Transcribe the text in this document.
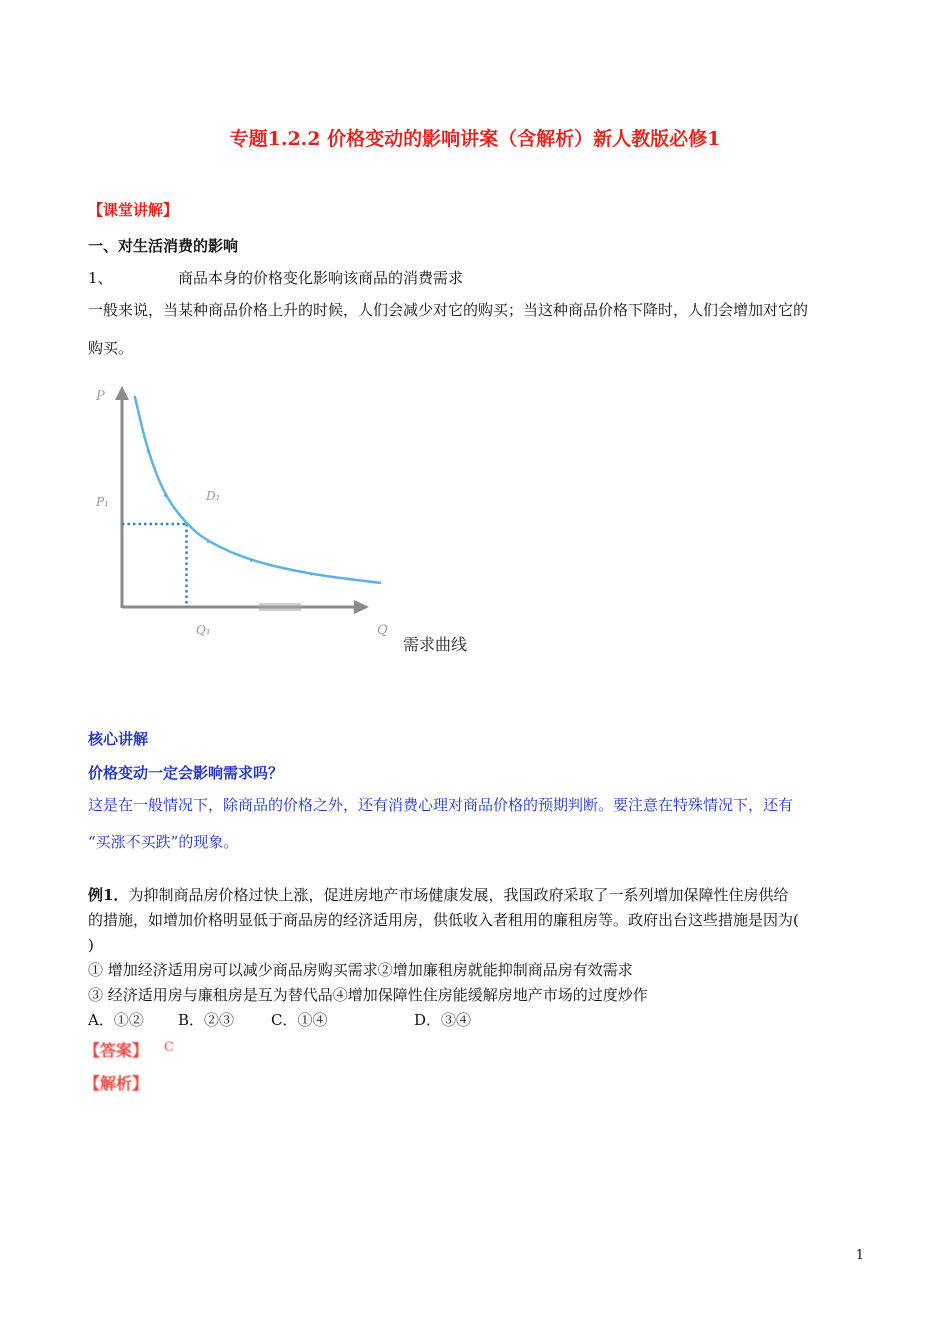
专题1.2.2 价格变动的影响讲案（含解析）新人教版必修1
【课堂讲解】
一、对生活消费的影响
1、	商品本身的价格变化影响该商品的消费需求
一般来说，当某种商品价格上升的时候，人们会减少对它的购买；当这种商品价格下降时，人们会增加对它的
购买。
P
Q
P₁
Q₁
D₁
需求曲线
核心讲解
价格变动一定会影响需求吗？
这是在一般情况下，除商品的价格之外，还有消费心理对商品价格的预期判断。要注意在特殊情况下，还有
“买涨不买跌”的现象。
例1．为抑制商品房价格过快上涨，促进房地产市场健康发展，我国政府采取了一系列增加保障性住房供给
的措施，如增加价格明显低于商品房的经济适用房，供低收入者租用的廉租房等。政府出台这些措施是因为(
)
① 增加经济适用房可以减少商品房购买需求②增加廉租房就能抑制商品房有效需求
③ 经济适用房与廉租房是互为替代品④增加保障性住房能缓解房地产市场的过度炒作
A．①② B．②③ C．①④	D．③④
【答案】 C
【解析】
1
